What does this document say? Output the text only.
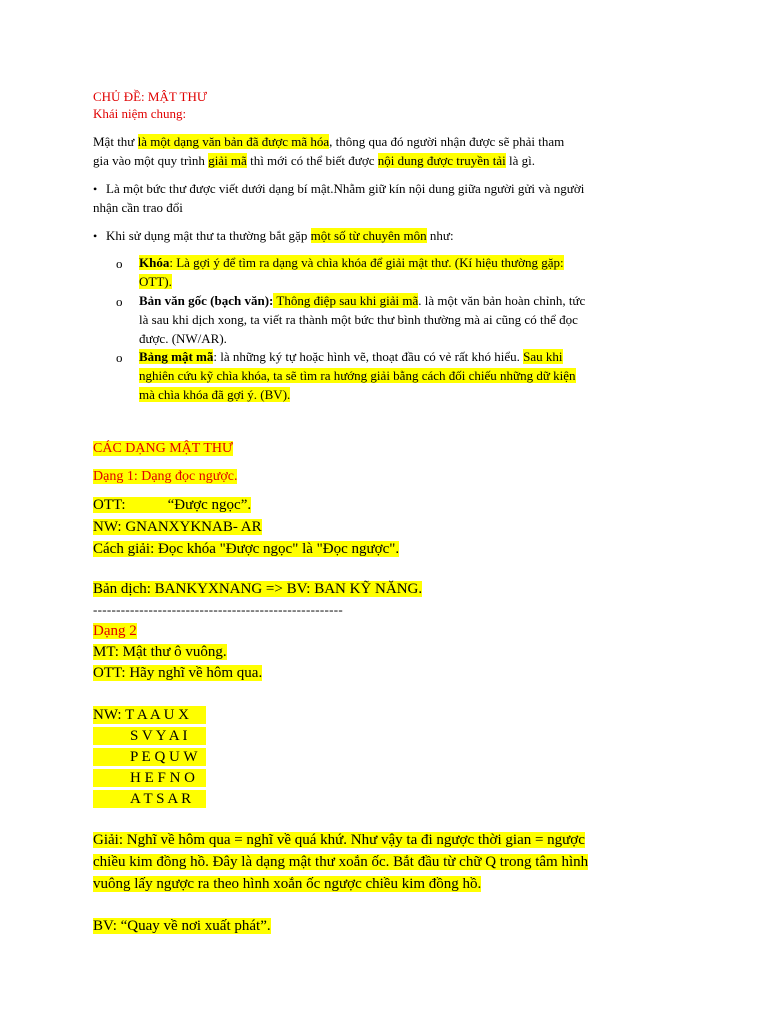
CHỦ ĐỀ: MẬT THƯ
Khái niệm chung:
Mật thư là một dạng văn bản đã được mã hóa, thông qua đó người nhận được sẽ phải tham
gia vào một quy trình giải mã thì mới có thể biết được nội dung được truyền tải là gì.
• Là một bức thư được viết dưới dạng bí mật.Nhằm giữ kín nội dung giữa người gửi và người
nhận cần trao đổi
• Khi sử dụng mật thư ta thường bắt gặp một số từ chuyên môn như:
o Khóa: Là gợi ý để tìm ra dạng và chìa khóa để giải mật thư. (Kí hiệu thường gặp:
OTT).
o Bản văn gốc (bạch văn): Thông điệp sau khi giải mã. là một văn bản hoàn chỉnh, tức
là sau khi dịch xong, ta viết ra thành một bức thư bình thường mà ai cũng có thể đọc
được. (NW/AR).
o Bảng mật mã: là những ký tự hoặc hình vẽ, thoạt đầu có vẻ rất khó hiểu. Sau khi
nghiên cứu kỹ chìa khóa, ta sẽ tìm ra hướng giải bằng cách đối chiếu những dữ kiện
mà chìa khóa đã gợi ý. (BV).
CÁC DẠNG MẬT THƯ
Dạng 1: Dạng đọc ngược.
OTT:	“Được ngọc”.
NW: GNANXYKNAB- AR
Cách giải: Đọc khóa "Được ngọc" là "Đọc ngược".
Bản dịch: BANKYXNANG => BV: BAN KỸ NĂNG.
------------------------------------------------------
Dạng 2
MT: Mật thư ô vuông.
OTT: Hãy nghĩ về hôm qua.
NW: T A A U X
S V Y A I
P E Q U W
H E F N O
A T S A R
Giải: Nghĩ về hôm qua = nghĩ về quá khứ. Như vậy ta đi ngược thời gian = ngược
chiều kim đồng hồ. Đây là dạng mật thư xoắn ốc. Bắt đầu từ chữ Q trong tâm hình
vuông lấy ngược ra theo hình xoắn ốc ngược chiều kim đồng hồ.
BV: “Quay về nơi xuất phát”.
